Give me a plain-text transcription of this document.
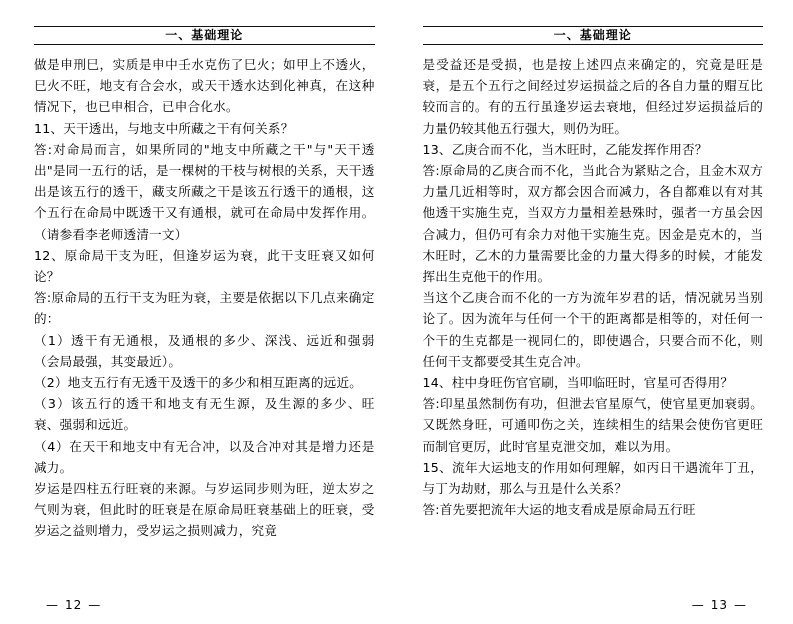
一、基础理论

做是申刑巳，实质是申中壬水克伤了巳火；如甲上不透火，巳火不旺，地支有合会水，或天干透水达到化神真，在这种情况下，也已申相合，已申合化水。

11、天干透出，与地支中所藏之干有何关系？

答:对命局而言，如果所同的"地支中所藏之干"与"天干透出"是同一五行的话，是一棵树的干枝与树根的关系，天干透出是该五行的透干，藏支所藏之干是该五行透干的通根，这个五行在命局中既透干又有通根，就可在命局中发挥作用。（请参看李老师透清一文）

12、原命局干支为旺，但逢岁运为衰，此干支旺衰又如何论？

答:原命局的五行干支为旺为衰，主要是依据以下几点来确定的：

（1）透干有无通根，及通根的多少、深浅、远近和强弱（会局最强，其变最近）。

（2）地支五行有无透干及透干的多少和相互距离的远近。

（3）该五行的透干和地支有无生源，及生源的多少、旺衰、强弱和远近。

（4）在天干和地支中有无合冲，以及合冲对其是增力还是减力。

岁运是四柱五行旺衰的来源。与岁运同步则为旺，逆太岁之气则为衰，但此时的旺衰是在原命局旺衰基础上的旺衰，受岁运之益则增力，受岁运之损则减力，究竟

— 12 —
一、基础理论

是受益还是受损，也是按上述四点来确定的，究竟是旺是衰，是五个五行之间经过岁运损益之后的各自力量的赗互比较而言的。有的五行虽逢岁运去衰地，但经过岁运损益后的力量仍较其他五行强大，则仍为旺。

13、乙庚合而不化，当木旺时，乙能发挥作用否？

答:原命局的乙庚合而不化，当此合为紧贴之合，且金木双方力量几近相等时，双方都会因合而减力，各自都难以有对其他透干实施生克，当双方力量相差悬殊时，强者一方虽会因合减力，但仍可有余力对他干实施生克。因金是克木的，当木旺时，乙木的力量需要比金的力量大得多的时候，才能发挥出生克他干的作用。

当这个乙庚合而不化的一方为流年岁君的话，情况就另当别论了。因为流年与任何一个干的距离都是相等的，对任何一个干的生克都是一视同仁的，即使遇合，只要合而不化，则任何干支都要受其生克合冲。

14、柱中身旺伤官官刷，当叩临旺时，官星可否得用？

答:印星虽然制伤有功，但泄去官星原气，使官星更加衰弱。又既然身旺，可通叩伤之关，连续相生的结果会使伤官更旺而制官更厉，此时官星克泄交加，难以为用。

15、流年大运地支的作用如何理解，如丙日干遇流年丁丑，与丁为劫财，那么与丑是什么关系？

答:首先要把流年大运的地支看成是原命局五行旺

— 13 —
